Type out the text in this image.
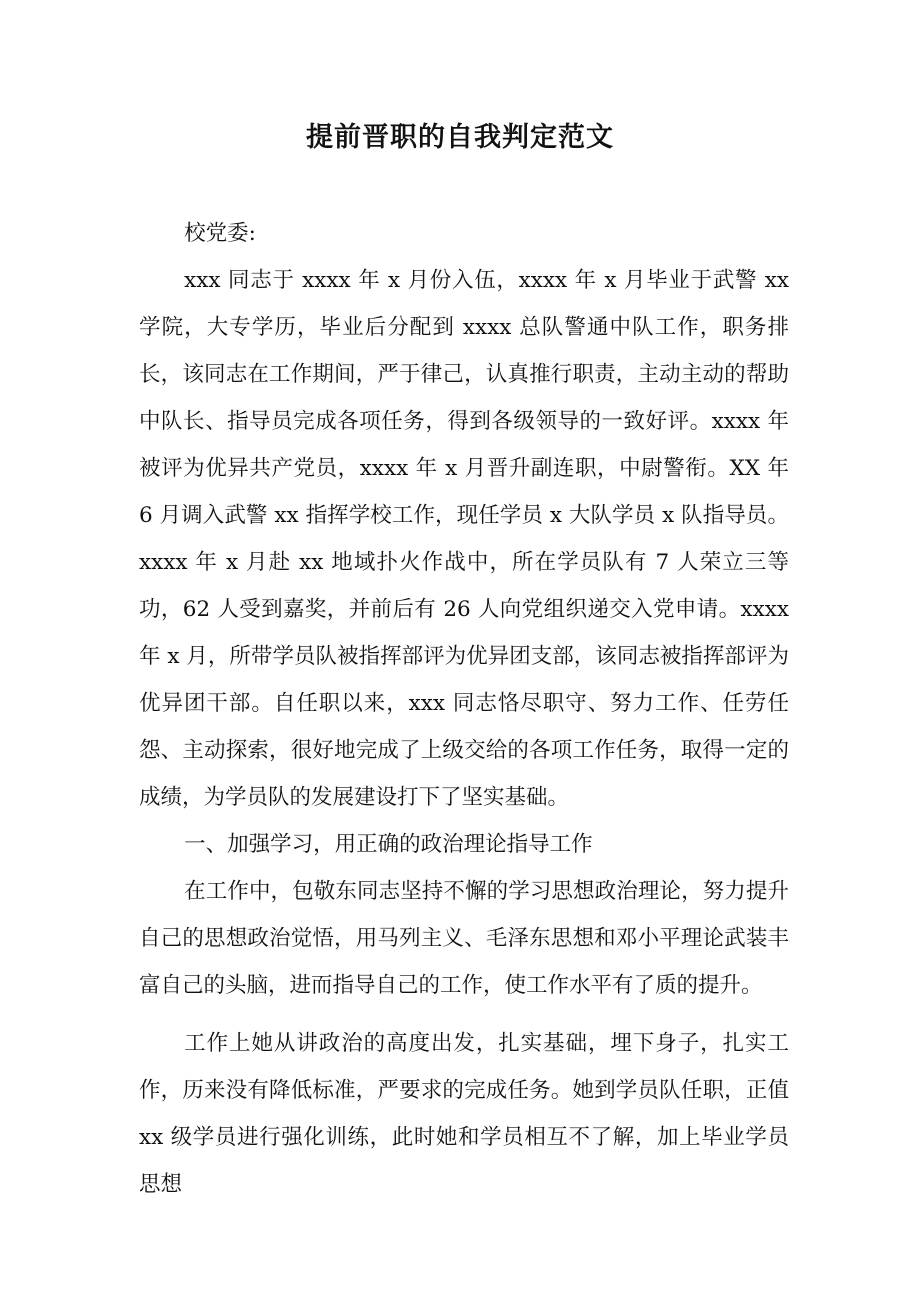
提前晋职的自我判定范文

校党委:

xxx 同志于 xxxx 年 x 月份入伍，xxxx 年 x 月毕业于武警 xx 学院，大专学历，毕业后分配到 xxxx 总队警通中队工作，职务排长，该同志在工作期间，严于律己，认真推行职责，主动主动的帮助中队长、指导员完成各项任务，得到各级领导的一致好评。xxxx 年被评为优异共产党员，xxxx 年 x 月晋升副连职，中尉警衔。XX 年 6 月调入武警 xx 指挥学校工作，现任学员 x 大队学员 x 队指导员。xxxx 年 x 月赴 xx 地域扑火作战中，所在学员队有 7 人荣立三等功，62 人受到嘉奖，并前后有 26 人向党组织递交入党申请。xxxx 年 x 月，所带学员队被指挥部评为优异团支部，该同志被指挥部评为优异团干部。自任职以来，xxx 同志恪尽职守、努力工作、任劳任怨、主动探索，很好地完成了上级交给的各项工作任务，取得一定的成绩，为学员队的发展建设打下了坚实基础。

一、加强学习，用正确的政治理论指导工作

在工作中，包敬东同志坚持不懈的学习思想政治理论，努力提升自己的思想政治觉悟，用马列主义、毛泽东思想和邓小平理论武装丰富自己的头脑，进而指导自己的工作，使工作水平有了质的提升。

工作上她从讲政治的高度出发，扎实基础，埋下身子，扎实工作，历来没有降低标准，严要求的完成任务。她到学员队任职，正值 xx 级学员进行强化训练，此时她和学员相互不了解，加上毕业学员思想
